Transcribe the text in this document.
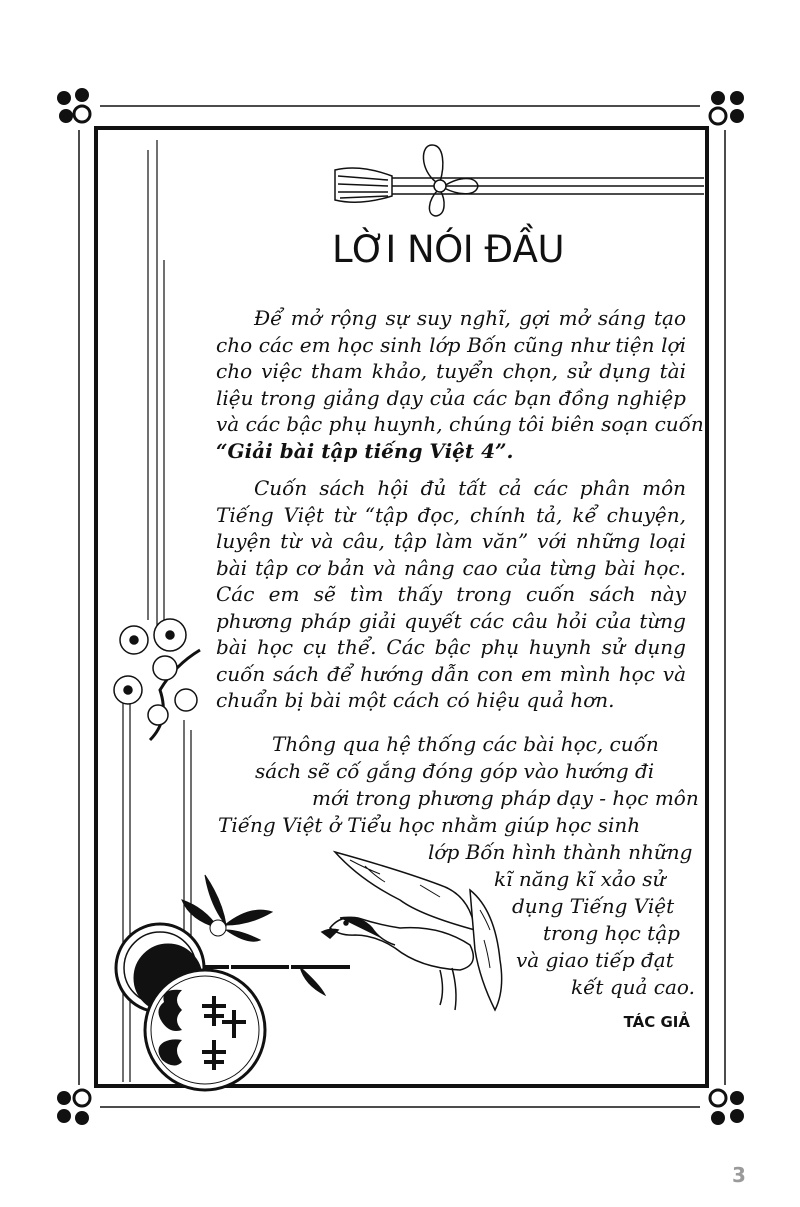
LỜI NÓI ĐẦU

Để mở rộng sự suy nghĩ, gợi mở sáng tạo
cho các em học sinh lớp Bốn cũng như tiện lợi
cho việc tham khảo, tuyển chọn, sử dụng tài
liệu trong giảng dạy của các bạn đồng nghiệp
và các bậc phụ huynh, chúng tôi biên soạn cuốn
“Giải bài tập tiếng Việt 4”.

Cuốn sách hội đủ tất cả các phân môn
Tiếng Việt từ “tập đọc, chính tả, kể chuyện,
luyện từ và câu, tập làm văn” với những loại
bài tập cơ bản và nâng cao của từng bài học.
Các em sẽ tìm thấy trong cuốn sách này
phương pháp giải quyết các câu hỏi của từng
bài học cụ thể. Các bậc phụ huynh sử dụng
cuốn sách để hướng dẫn con em mình học và
chuẩn bị bài một cách có hiệu quả hơn.

Thông qua hệ thống các bài học, cuốn
sách sẽ cố gắng đóng góp vào hướng đi
mới trong phương pháp dạy - học môn
Tiếng Việt ở Tiểu học nhằm giúp học sinh
lớp Bốn hình thành những
kĩ năng kĩ xảo sử
dụng Tiếng Việt
trong học tập
và giao tiếp đạt
kết quả cao.

TÁC GIẢ

3
